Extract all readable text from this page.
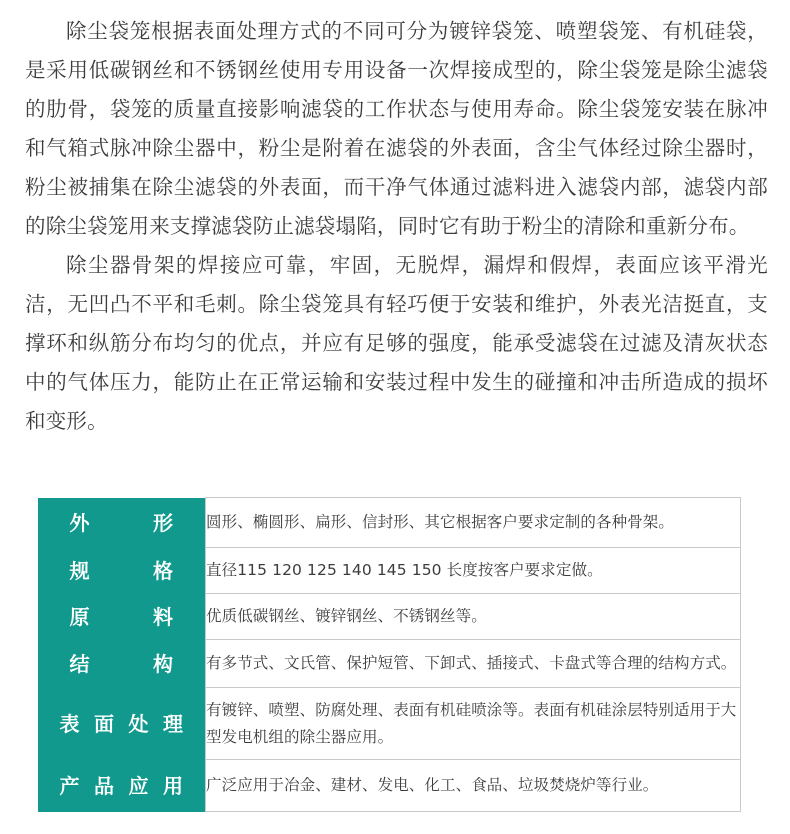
除尘袋笼根据表面处理方式的不同可分为镀锌袋笼、喷塑袋笼、有机硅袋，是采用低碳钢丝和不锈钢丝使用专用设备一次焊接成型的，除尘袋笼是除尘滤袋的肋骨，袋笼的质量直接影响滤袋的工作状态与使用寿命。除尘袋笼安装在脉冲和气箱式脉冲除尘器中，粉尘是附着在滤袋的外表面，含尘气体经过除尘器时，粉尘被捕集在除尘滤袋的外表面，而干净气体通过滤料进入滤袋内部，滤袋内部的除尘袋笼用来支撑滤袋防止滤袋塌陷，同时它有助于粉尘的清除和重新分布。

除尘器骨架的焊接应可靠，牢固，无脱焊，漏焊和假焊，表面应该平滑光洁，无凹凸不平和毛刺。除尘袋笼具有轻巧便于安装和维护，外表光洁挺直，支撑环和纵筋分布均匀的优点，并应有足够的强度，能承受滤袋在过滤及清灰状态中的气体压力，能防止在正常运输和安装过程中发生的碰撞和冲击所造成的损坏和变形。

外 形	圆形、椭圆形、扁形、信封形、其它根据客户要求定制的各种骨架。

规 格	直径115 120 125 140 145 150 长度按客户要求定做。

原 料	优质低碳钢丝、镀锌钢丝、不锈钢丝等。

结 构	有多节式、文氏管、保护短管、下卸式、插接式、卡盘式等合理的结构方式。

表面处理	有镀锌、喷塑、防腐处理、表面有机硅喷涂等。表面有机硅涂层特别适用于大型发电机组的除尘器应用。

产品应用	广泛应用于冶金、建材、发电、化工、食品、垃圾焚烧炉等行业。
